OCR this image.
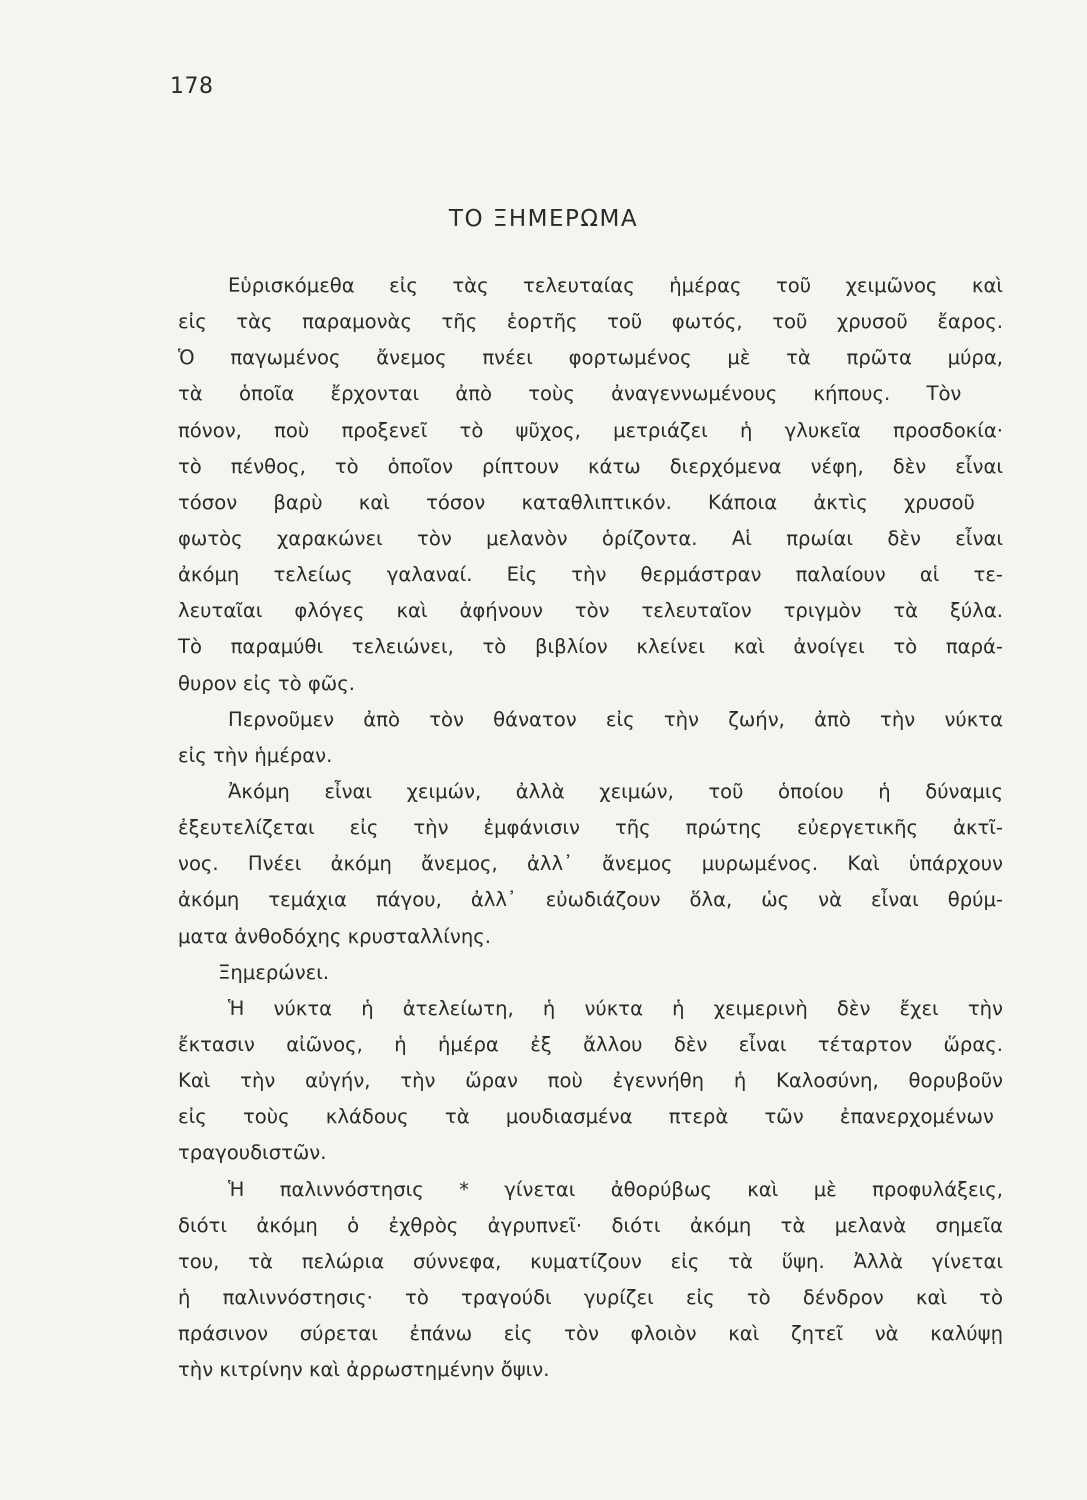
178
ΤΟ ΞΗΜΕΡΩΜΑ
Εὑρισκόμεθα εἰς τὰς τελευταίας ἡμέρας τοῦ χειμῶνος καὶ
εἰς τὰς παραμονὰς τῆς ἑορτῆς τοῦ φωτός, τοῦ χρυσοῦ ἔαρος.
Ὁ παγωμένος ἄνεμος πνέει φορτωμένος μὲ τὰ πρῶτα μύρα,
τὰ ὁποῖα ἔρχονται ἀπὸ τοὺς ἀναγεννωμένους κήπους. Τὸν
πόνον, ποὺ προξενεῖ τὸ ψῦχος, μετριάζει ἡ γλυκεῖα προσδοκία·
τὸ πένθος, τὸ ὁποῖον ρίπτουν κάτω διερχόμενα νέφη, δὲν εἶναι
τόσον βαρὺ καὶ τόσον καταθλιπτικόν. Κάποια ἀκτὶς χρυσοῦ
φωτὸς χαρακώνει τὸν μελανὸν ὁρίζοντα. Αἱ πρωίαι δὲν εἶναι
ἀκόμη τελείως γαλαναί. Εἰς τὴν θερμάστραν παλαίουν αἱ τε-
λευταῖαι φλόγες καὶ ἀφήνουν τὸν τελευταῖον τριγμὸν τὰ ξύλα.
Τὸ παραμύθι τελειώνει, τὸ βιβλίον κλείνει καὶ ἀνοίγει τὸ παρά-
θυρον εἰς τὸ φῶς.
Περνοῦμεν ἀπὸ τὸν θάνατον εἰς τὴν ζωήν, ἀπὸ τὴν νύκτα
εἰς τὴν ἡμέραν.
Ἀκόμη εἶναι χειμών, ἀλλὰ χειμών, τοῦ ὁποίου ἡ δύναμις
ἐξευτελίζεται εἰς τὴν ἐμφάνισιν τῆς πρώτης εὐεργετικῆς ἀκτῖ-
νος. Πνέει ἀκόμη ἄνεμος, ἀλλ᾽ ἄνεμος μυρωμένος. Καὶ ὑπάρχουν
ἀκόμη τεμάχια πάγου, ἀλλ᾽ εὐωδιάζουν ὅλα, ὡς νὰ εἶναι θρύμ-
ματα ἀνθοδόχης κρυσταλλίνης.
Ξημερώνει.
Ἡ νύκτα ἡ ἀτελείωτη, ἡ νύκτα ἡ χειμερινὴ δὲν ἔχει τὴν
ἔκτασιν αἰῶνος, ἡ ἡμέρα ἐξ ἄλλου δὲν εἶναι τέταρτον ὥρας.
Καὶ τὴν αὐγήν, τὴν ὥραν ποὺ ἐγεννήθη ἡ Καλοσύνη, θορυβοῦν
εἰς τοὺς κλάδους τὰ μουδιασμένα πτερὰ τῶν ἐπανερχομένων
τραγουδιστῶν.
Ἡ παλιννόστησις * γίνεται ἀθορύβως καὶ μὲ προφυλάξεις,
διότι ἀκόμη ὁ ἐχθρὸς ἀγρυπνεῖ· διότι ἀκόμη τὰ μελανὰ σημεῖα
του, τὰ πελώρια σύννεφα, κυματίζουν εἰς τὰ ὕψη. Ἀλλὰ γίνεται
ἡ παλιννόστησις· τὸ τραγούδι γυρίζει εἰς τὸ δένδρον καὶ τὸ
πράσινον σύρεται ἐπάνω εἰς τὸν φλοιὸν καὶ ζητεῖ νὰ καλύψῃ
τὴν κιτρίνην καὶ ἀρρωστημένην ὄψιν.
